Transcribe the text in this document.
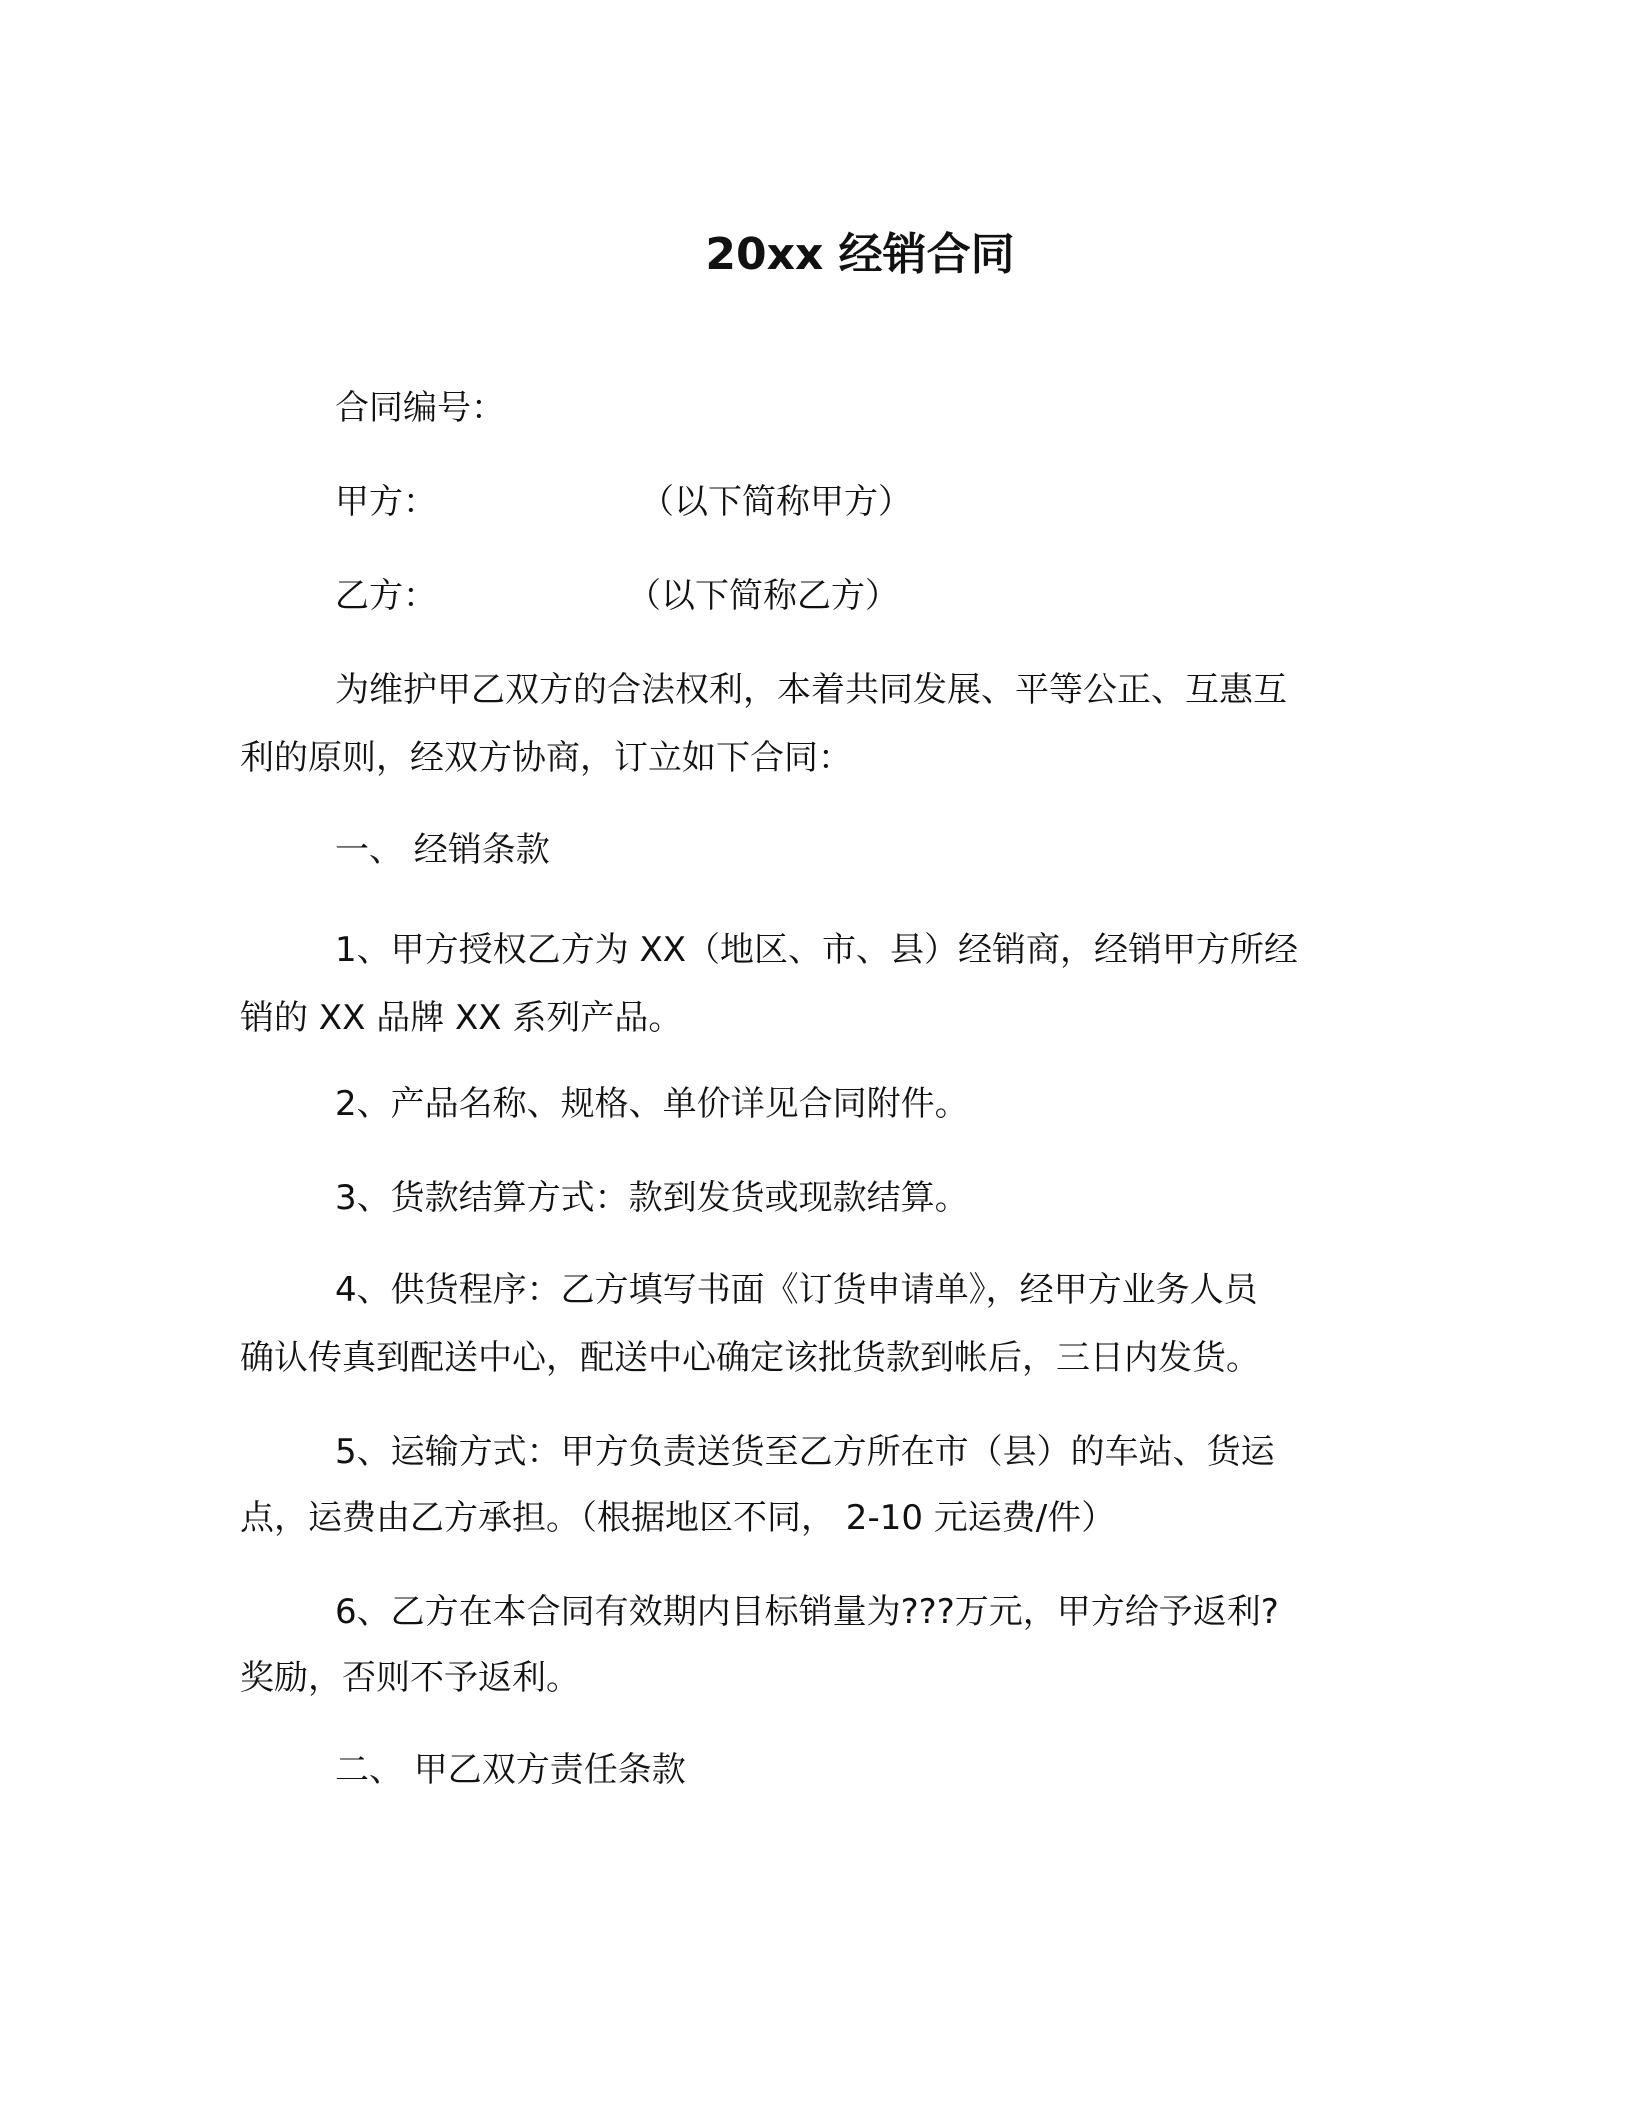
20xx 经销合同
合同编号：
甲方：	（以下简称甲方）
乙方：	（以下简称乙方）
为维护甲乙双方的合法权利，本着共同发展、平等公正、互惠互
利的原则，经双方协商，订立如下合同：
一、 经销条款
1、甲方授权乙方为 XX（地区、市、县）经销商，经销甲方所经
销的 XX 品牌 XX 系列产品。
2、产品名称、规格、单价详见合同附件。
3、货款结算方式：款到发货或现款结算。
4、供货程序：乙方填写书面《订货申请单》，经甲方业务人员
确认传真到配送中心，配送中心确定该批货款到帐后，三日内发货。
5、运输方式：甲方负责送货至乙方所在市（县）的车站、货运
点，运费由乙方承担。（根据地区不同， 2-10 元运费/件）
6、乙方在本合同有效期内目标销量为???万元，甲方给予返利?
奖励，否则不予返利。
二、 甲乙双方责任条款
